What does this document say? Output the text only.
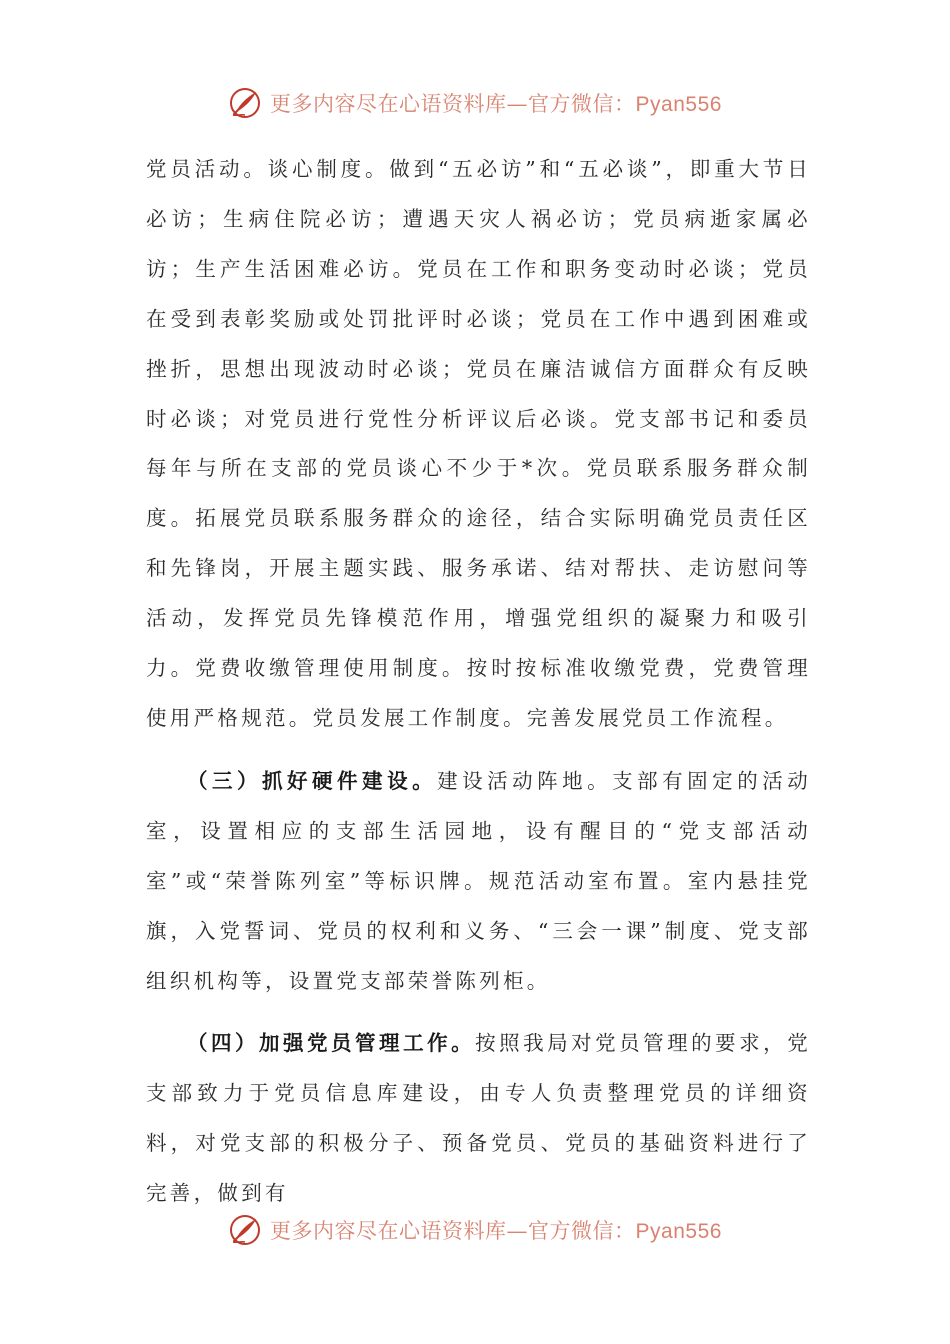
更多内容尽在心语资料库—官方微信：Pyan556

党员活动。谈心制度。做到“五必访”和“五必谈”，即重大节日必访；生病住院必访；遭遇天灾人祸必访；党员病逝家属必访；生产生活困难必访。党员在工作和职务变动时必谈；党员在受到表彰奖励或处罚批评时必谈；党员在工作中遇到困难或挫折，思想出现波动时必谈；党员在廉洁诚信方面群众有反映时必谈；对党员进行党性分析评议后必谈。党支部书记和委员每年与所在支部的党员谈心不少于*次。党员联系服务群众制度。拓展党员联系服务群众的途径，结合实际明确党员责任区和先锋岗，开展主题实践、服务承诺、结对帮扶、走访慰问等活动，发挥党员先锋模范作用，增强党组织的凝聚力和吸引力。党费收缴管理使用制度。按时按标准收缴党费，党费管理使用严格规范。党员发展工作制度。完善发展党员工作流程。

（三）抓好硬件建设。建设活动阵地。支部有固定的活动室，设置相应的支部生活园地，设有醒目的“党支部活动室”或“荣誉陈列室”等标识牌。规范活动室布置。室内悬挂党旗，入党誓词、党员的权利和义务、“三会一课”制度、党支部组织机构等，设置党支部荣誉陈列柜。

（四）加强党员管理工作。按照我局对党员管理的要求，党支部致力于党员信息库建设，由专人负责整理党员的详细资料，对党支部的积极分子、预备党员、党员的基础资料进行了完善，做到有

更多内容尽在心语资料库—官方微信：Pyan556
